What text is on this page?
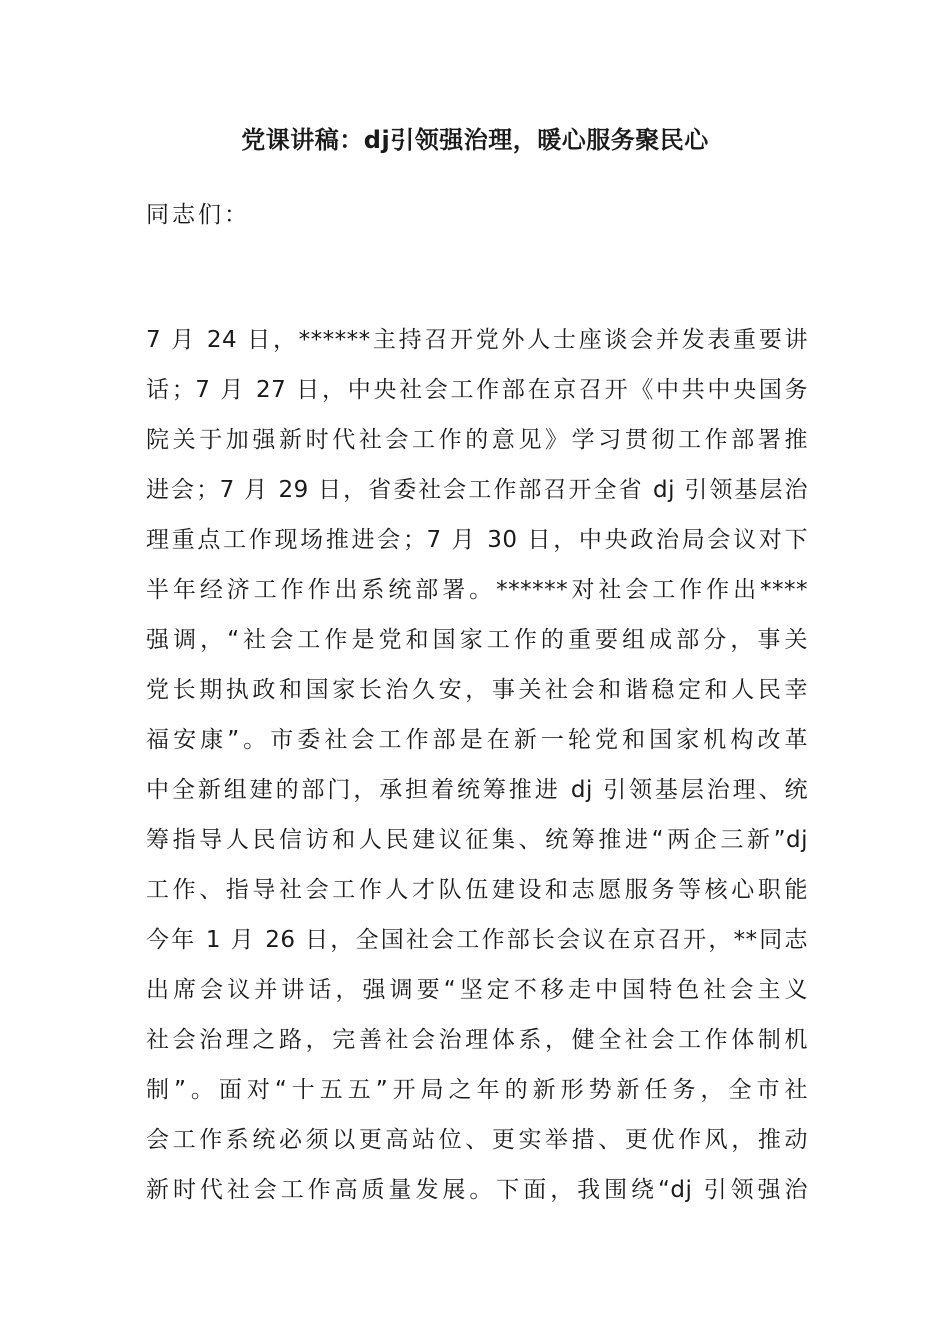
党课讲稿：dj引领强治理，暖心服务聚民心

同志们：

7 月 24 日，******主持召开党外人士座谈会并发表重要讲
话；7 月 27 日，中央社会工作部在京召开《中共中央国务
院关于加强新时代社会工作的意见》学习贯彻工作部署推
进会；7 月 29 日，省委社会工作部召开全省 dj 引领基层治
理重点工作现场推进会；7 月 30 日，中央政治局会议对下
半年经济工作作出系统部署。******对社会工作作出****
强调，“社会工作是党和国家工作的重要组成部分，事关
党长期执政和国家长治久安，事关社会和谐稳定和人民幸
福安康”。市委社会工作部是在新一轮党和国家机构改革
中全新组建的部门，承担着统筹推进 dj 引领基层治理、统
筹指导人民信访和人民建议征集、统筹推进“两企三新”dj
工作、指导社会工作人才队伍建设和志愿服务等核心职能
今年 1 月 26 日，全国社会工作部长会议在京召开，**同志
出席会议并讲话，强调要“坚定不移走中国特色社会主义
社会治理之路，完善社会治理体系，健全社会工作体制机
制”。面对“十五五”开局之年的新形势新任务，全市社
会工作系统必须以更高站位、更实举措、更优作风，推动
新时代社会工作高质量发展。下面，我围绕“dj 引领强治
